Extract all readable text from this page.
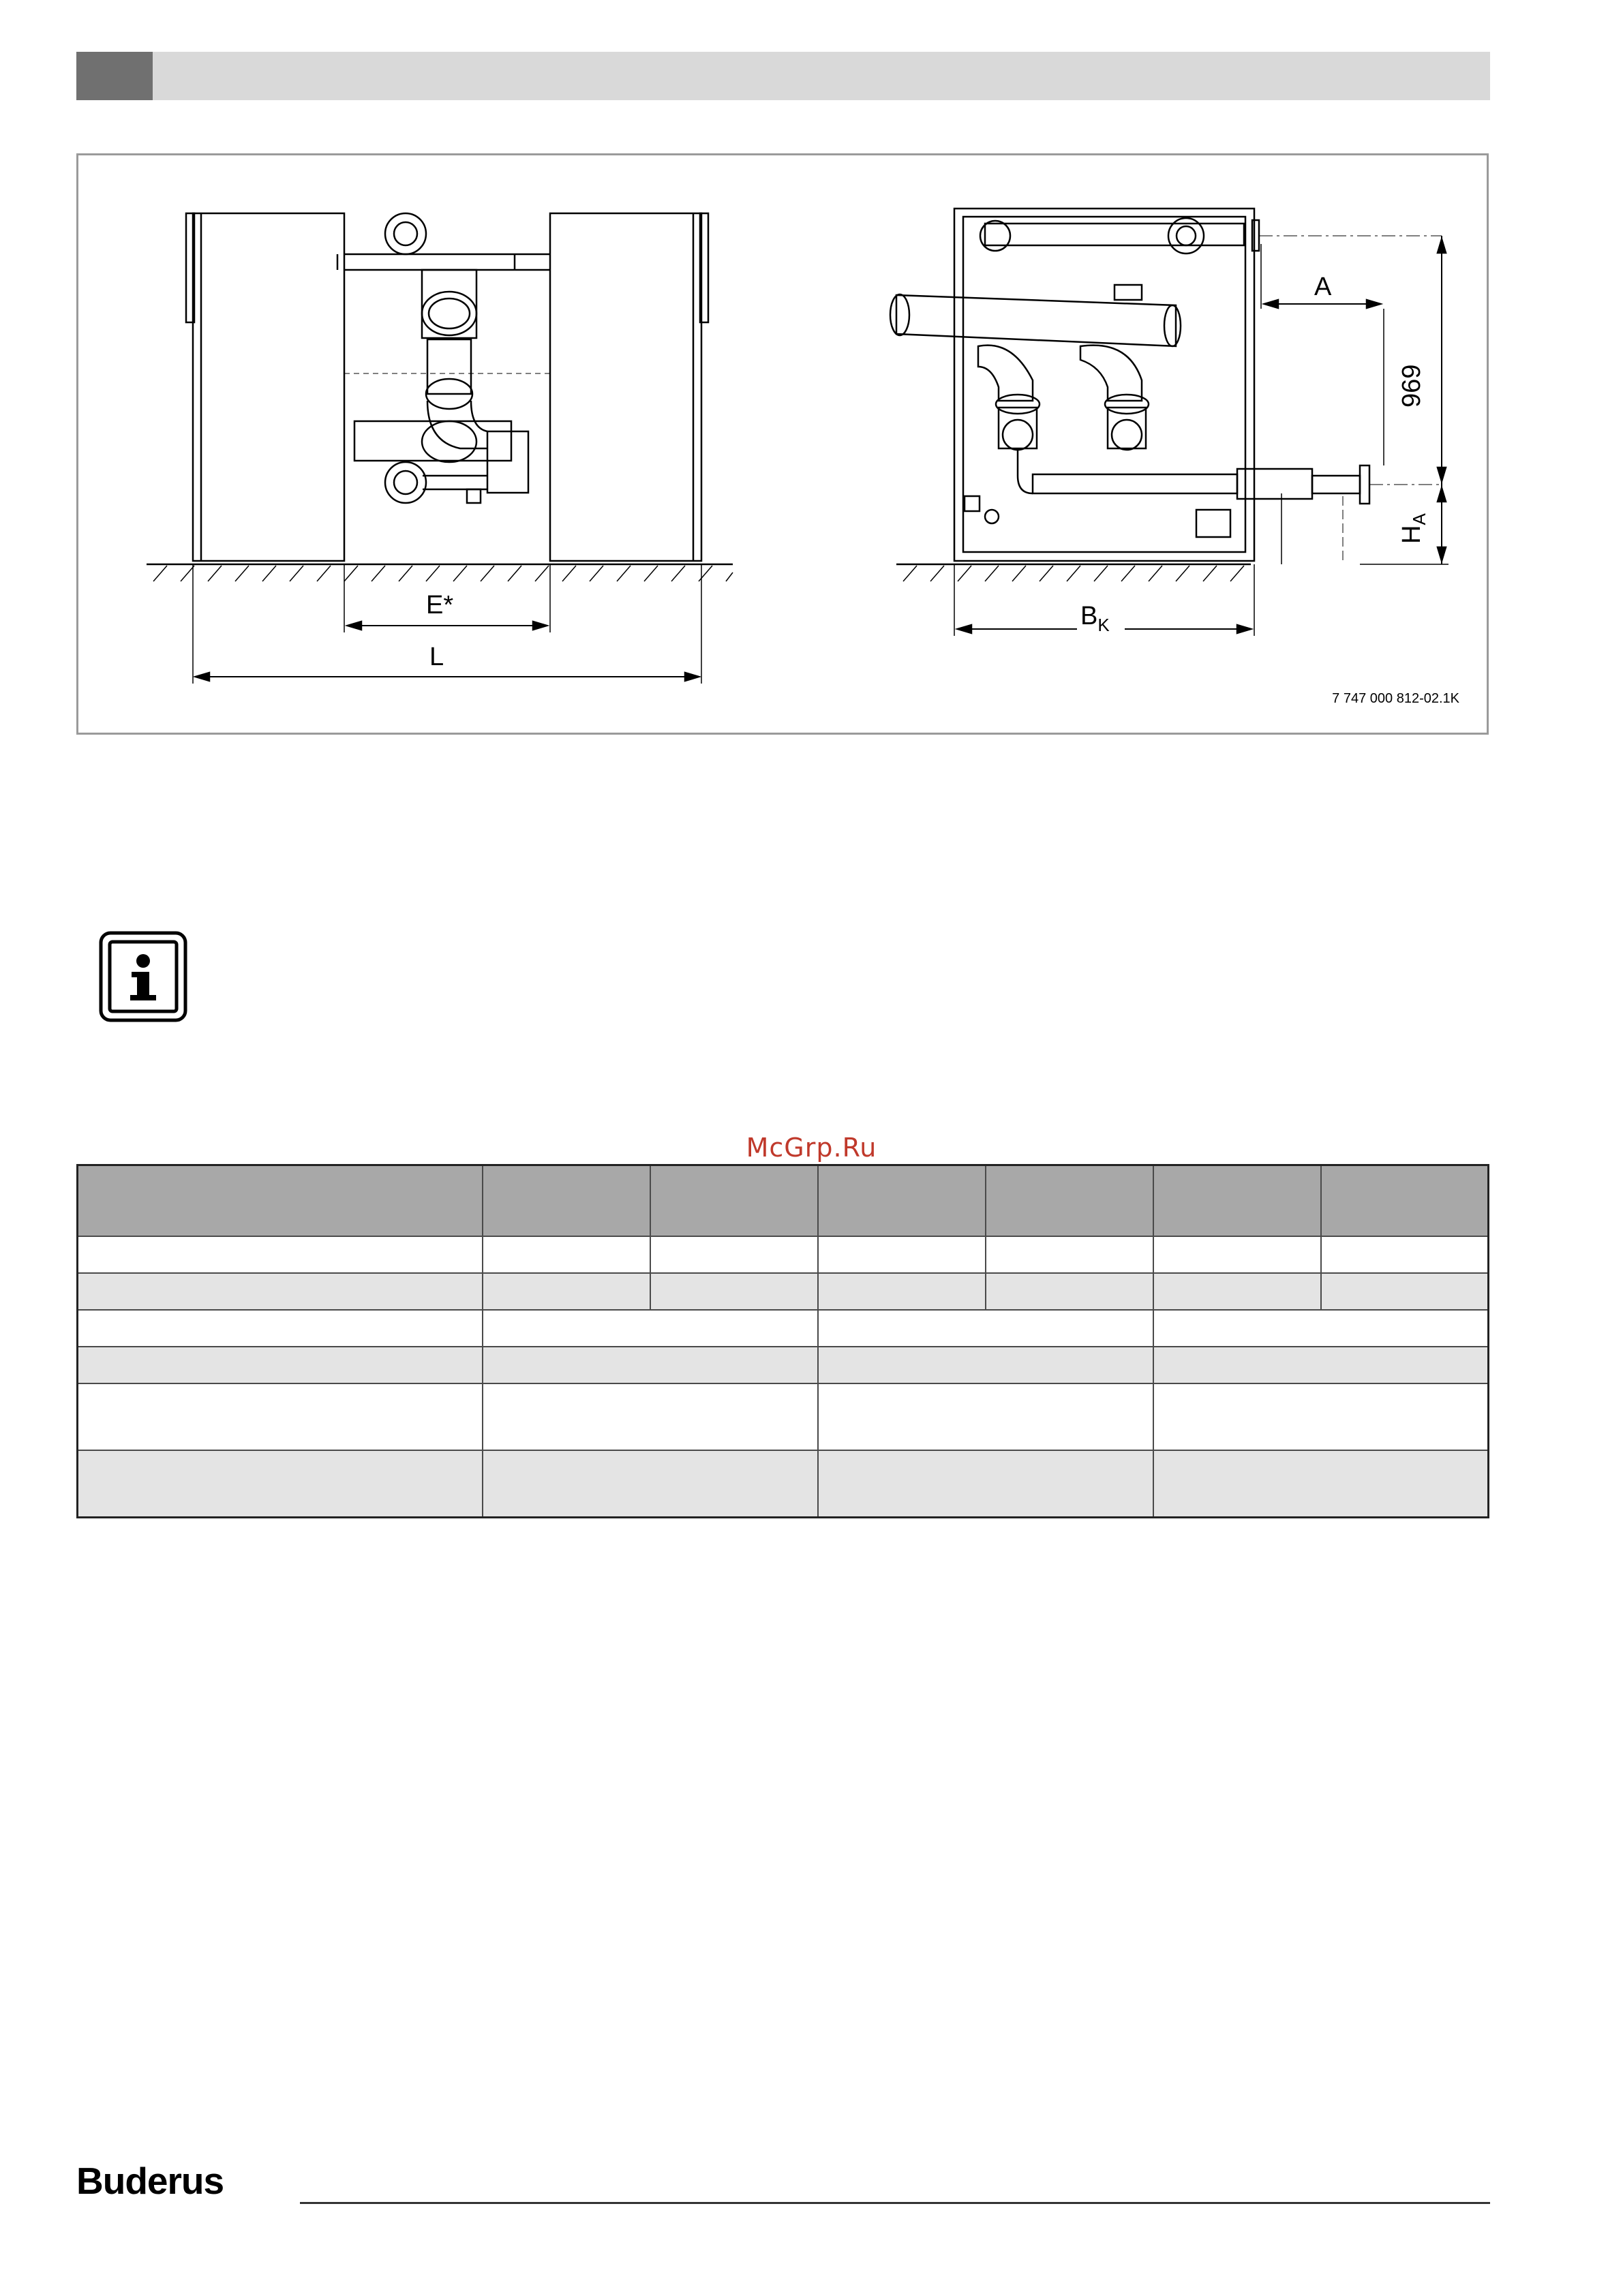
E*
L
A
969
$H_A$
$B_K$
7 747 000 812-02.1K
McGrp.Ru

Buderus
